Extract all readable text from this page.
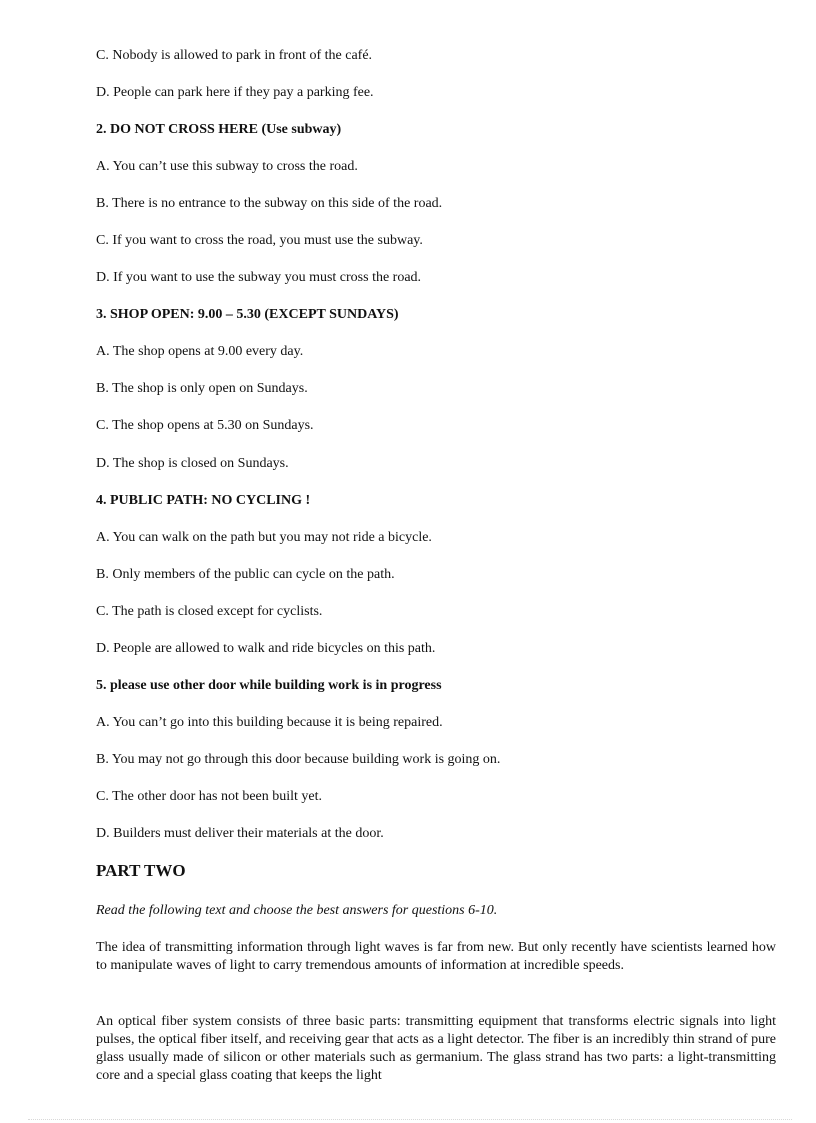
C. Nobody is allowed to park in front of the café.
D. People can park here if they pay a parking fee.
2. DO NOT CROSS HERE (Use subway)
A. You can’t use this subway to cross the road.
B. There is no entrance to the subway on this side of the road.
C. If you want to cross the road, you must use the subway.
D. If you want to use the subway you must cross the road.
3. SHOP OPEN: 9.00 – 5.30 (EXCEPT SUNDAYS)
A. The shop opens at 9.00 every day.
B. The shop is only open on Sundays.
C. The shop opens at 5.30 on Sundays.
D. The shop is closed on Sundays.
4. PUBLIC PATH: NO CYCLING !
A. You can walk on the path but you may not ride a bicycle.
B. Only members of the public can cycle on the path.
C. The path is closed except for cyclists.
D. People are allowed to walk and ride bicycles on this path.
5. please use other door while building work is in progress
A. You can’t go into this building because it is being repaired.
B. You may not go through this door because building work is going on.
C. The other door has not been built yet.
D. Builders must deliver their materials at the door.
PART TWO
Read the following text and choose the best answers for questions 6-10.
The idea of transmitting information through light waves is far from new. But only recently have scientists learned how to manipulate waves of light to carry tremendous amounts of information at incredible speeds.
An optical fiber system consists of three basic parts: transmitting equipment that transforms electric signals into light pulses, the optical fiber itself, and receiving gear that acts as a light detector. The fiber is an incredibly thin strand of pure glass usually made of silicon or other materials such as germanium. The glass strand has two parts: a light-transmitting core and a special glass coating that keeps the light
